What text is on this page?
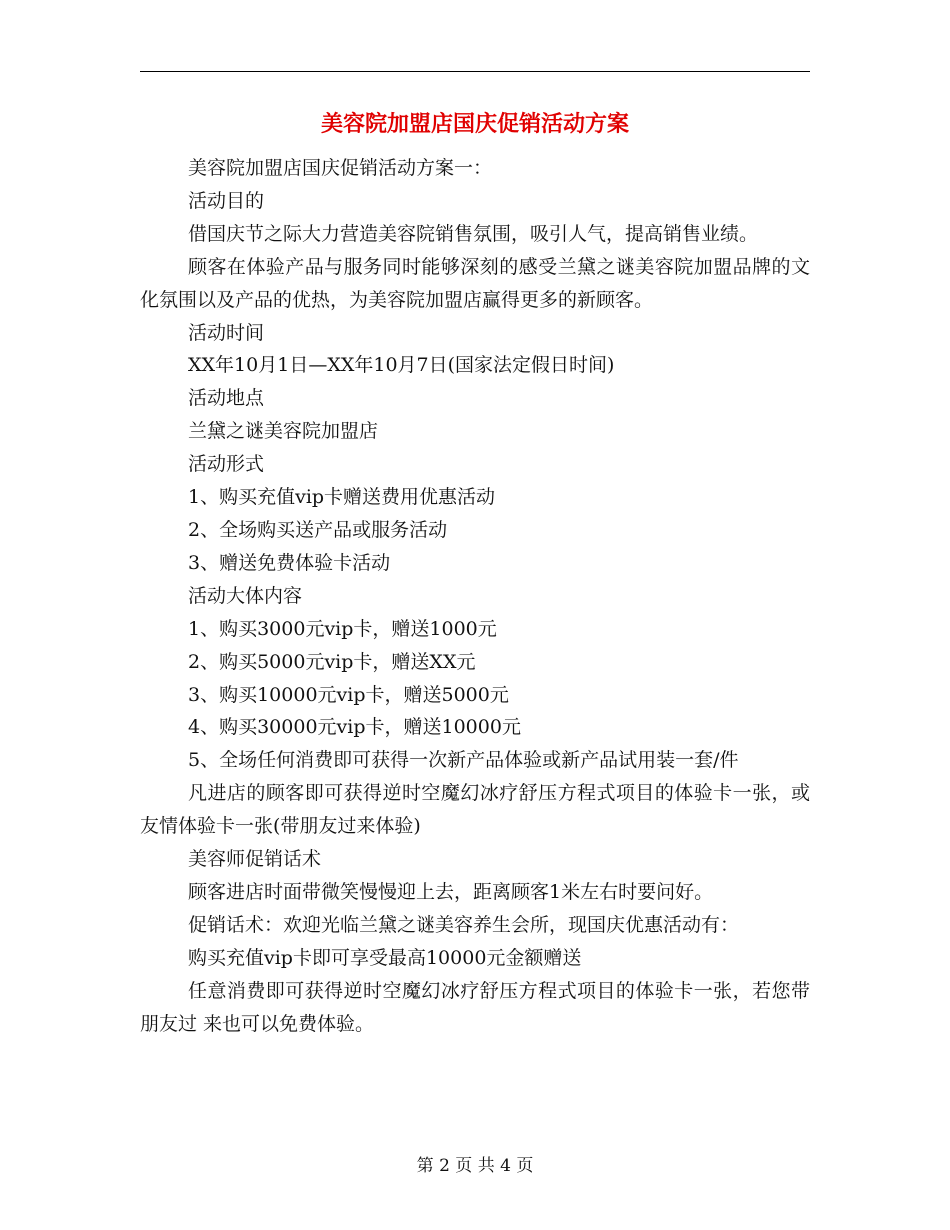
美容院加盟店国庆促销活动方案

美容院加盟店国庆促销活动方案一：

活动目的

借国庆节之际大力营造美容院销售氛围，吸引人气，提高销售业绩。

顾客在体验产品与服务同时能够深刻的感受兰黛之谜美容院加盟品牌的文化氛围以及产品的优热，为美容院加盟店赢得更多的新顾客。

活动时间

XX年10月1日—XX年10月7日(国家法定假日时间)

活动地点

兰黛之谜美容院加盟店

活动形式

1、购买充值vip卡赠送费用优惠活动

2、全场购买送产品或服务活动

3、赠送免费体验卡活动

活动大体内容

1、购买3000元vip卡，赠送1000元

2、购买5000元vip卡，赠送XX元

3、购买10000元vip卡，赠送5000元

4、购买30000元vip卡，赠送10000元

5、全场任何消费即可获得一次新产品体验或新产品试用装一套/件

凡进店的顾客即可获得逆时空魔幻冰疗舒压方程式项目的体验卡一张，或友情体验卡一张(带朋友过来体验)

美容师促销话术

顾客进店时面带微笑慢慢迎上去，距离顾客1米左右时要问好。

促销话术：欢迎光临兰黛之谜美容养生会所，现国庆优惠活动有：

购买充值vip卡即可享受最高10000元金额赠送

任意消费即可获得逆时空魔幻冰疗舒压方程式项目的体验卡一张，若您带朋友过 来也可以免费体验。

第 2 页 共 4 页
